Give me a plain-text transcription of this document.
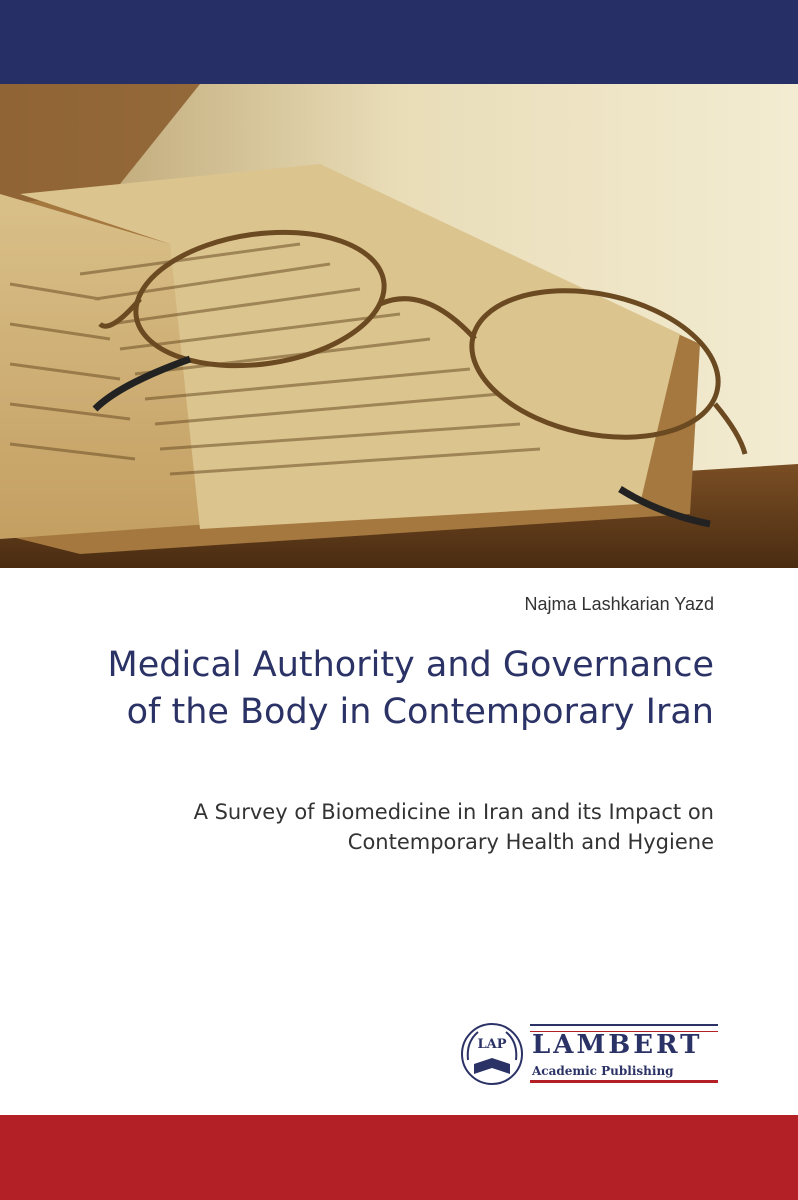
Najma Lashkarian Yazd
Medical Authority and Governance of the Body in Contemporary Iran

A Survey of Biomedicine in Iran and its Impact on Contemporary Health and Hygiene

LAP LAMBERT
Academic Publishing
